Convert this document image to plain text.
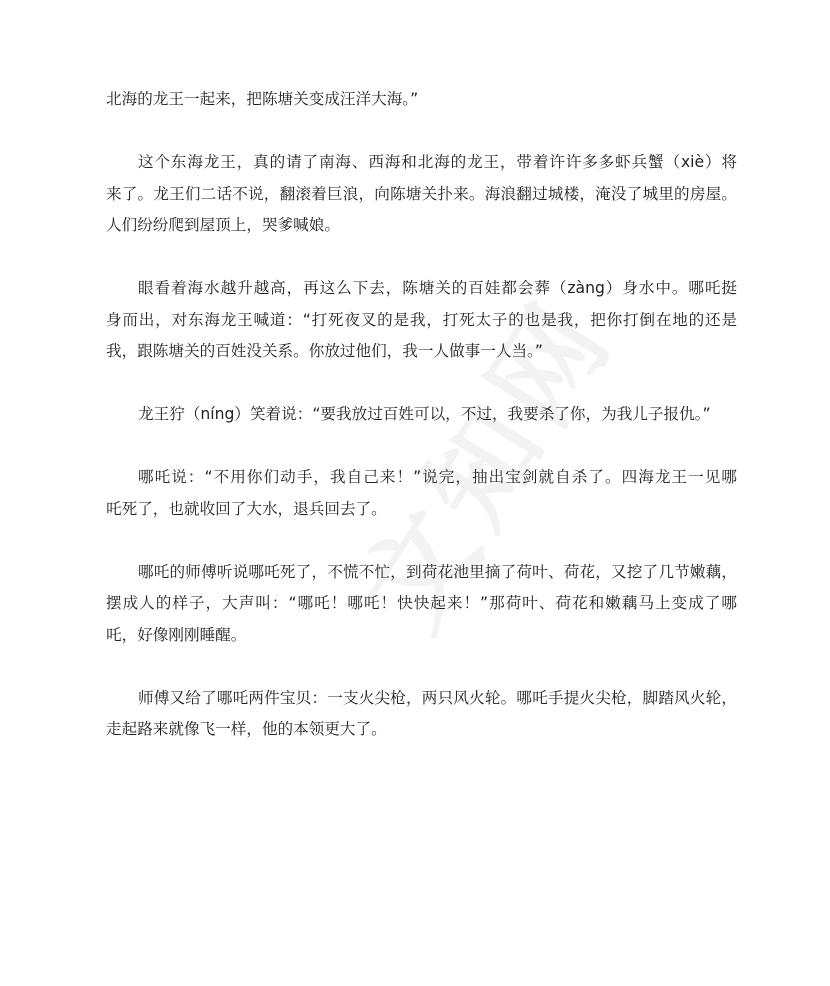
北海的龙王一起来，把陈塘关变成汪洋大海。”
这个东海龙王，真的请了南海、西海和北海的龙王，带着许许多多虾兵蟹（xiè）将
来了。龙王们二话不说，翻滚着巨浪，向陈塘关扑来。海浪翻过城楼，淹没了城里的房屋。
人们纷纷爬到屋顶上，哭爹喊娘。
眼看着海水越升越高，再这么下去，陈塘关的百娃都会葬（zàng）身水中。哪吒挺
身而出，对东海龙王喊道：“打死夜叉的是我，打死太子的也是我，把你打倒在地的还是
我，跟陈塘关的百姓没关系。你放过他们，我一人做事一人当。”
龙王狞（níng）笑着说：“要我放过百姓可以，不过，我要杀了你，为我儿子报仇。”
哪吒说：“不用你们动手，我自己来！”说完，抽出宝剑就自杀了。四海龙王一见哪
吒死了，也就收回了大水，退兵回去了。
哪吒的师傅听说哪吒死了，不慌不忙，到荷花池里摘了荷叶、荷花，又挖了几节嫩藕，
摆成人的样子，大声叫：“哪吒！哪吒！快快起来！”那荷叶、荷花和嫩藕马上变成了哪
吒，好像刚刚睡醒。
师傅又给了哪吒两件宝贝：一支火尖枪，两只风火轮。哪吒手提火尖枪，脚踏风火轮，
走起路来就像飞一样，他的本领更大了。
